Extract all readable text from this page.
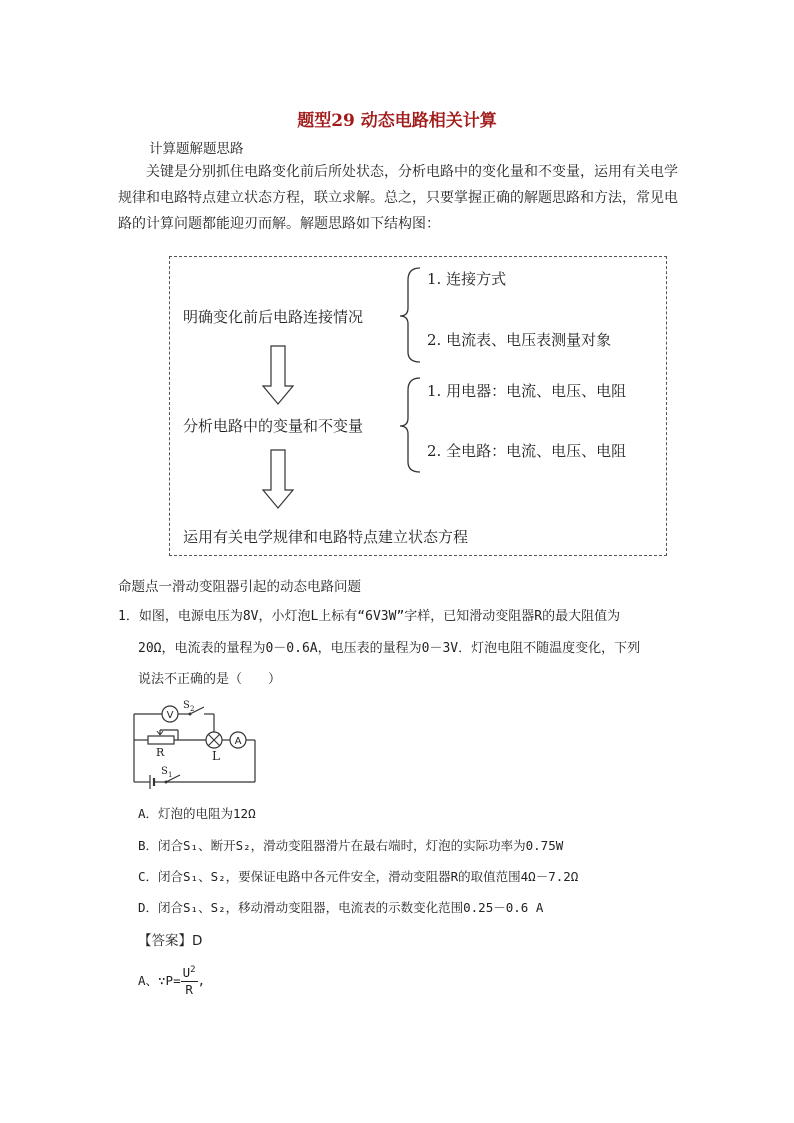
题型29 动态电路相关计算
计算题解题思路
关键是分别抓住电路变化前后所处状态，分析电路中的变化量和不变量，运用有关电学规律和电路特点建立状态方程，联立求解。总之，只要掌握正确的解题思路和方法，常见电路的计算问题都能迎刃而解。解题思路如下结构图：
明确变化前后电路连接情况
分析电路中的变量和不变量
运用有关电学规律和电路特点建立状态方程
1. 连接方式
2. 电流表、电压表测量对象
1. 用电器：电流、电压、电阻
2. 全电路：电流、电压、电阻
命题点一滑动变阻器引起的动态电路问题
1．如图，电源电压为8V，小灯泡L上标有“6V3W”字样，已知滑动变阻器R的最大阻值为
20Ω，电流表的量程为0－0.6A，电压表的量程为0－3V．灯泡电阻不随温度变化，下列
说法不正确的是（　　）
V
A
L
R
S 2
S 1
A．灯泡的电阻为12Ω
B．闭合S₁、断开S₂，滑动变阻器滑片在最右端时，灯泡的实际功率为0.75W
C．闭合S₁、S₂，要保证电路中各元件安全，滑动变阻器R的取值范围4Ω－7.2Ω
D．闭合S₁、S₂，移动滑动变阻器，电流表的示数变化范围0.25－0.6 A
【答案】D
A、∵P= $\frac{U^2}{R}$ ,
